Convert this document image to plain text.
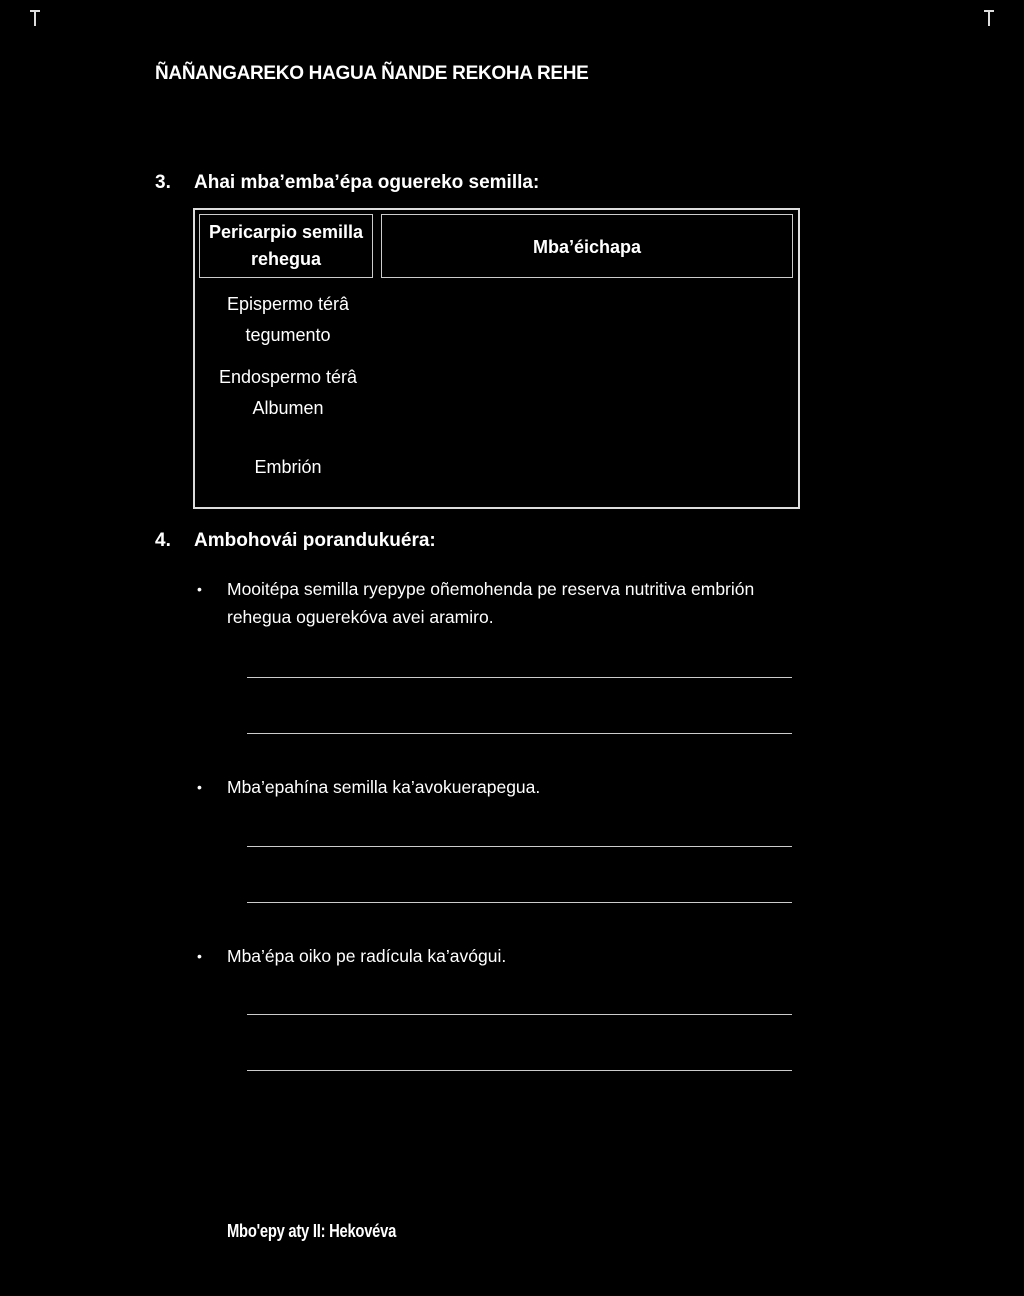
ÑAÑANGAREKO HAGUA ÑANDE REKOHA REHE
3. Ahai mba’emba’épa oguereko semilla:
Pericarpio semilla
rehegua
Mba’éichapa
Epispermo térâ
tegumento
Endospermo térâ
Albumen
Embrión
4. Ambohovái porandukuéra:
• Mooitépa semilla ryepype oñemohenda pe reserva nutritiva embrión rehegua oguerekóva avei aramiro.
• Mba’epahína semilla ka’avokuerapegua.
• Mba’épa oiko pe radícula ka’avógui.
Mbo'epy aty II: Hekovéva
